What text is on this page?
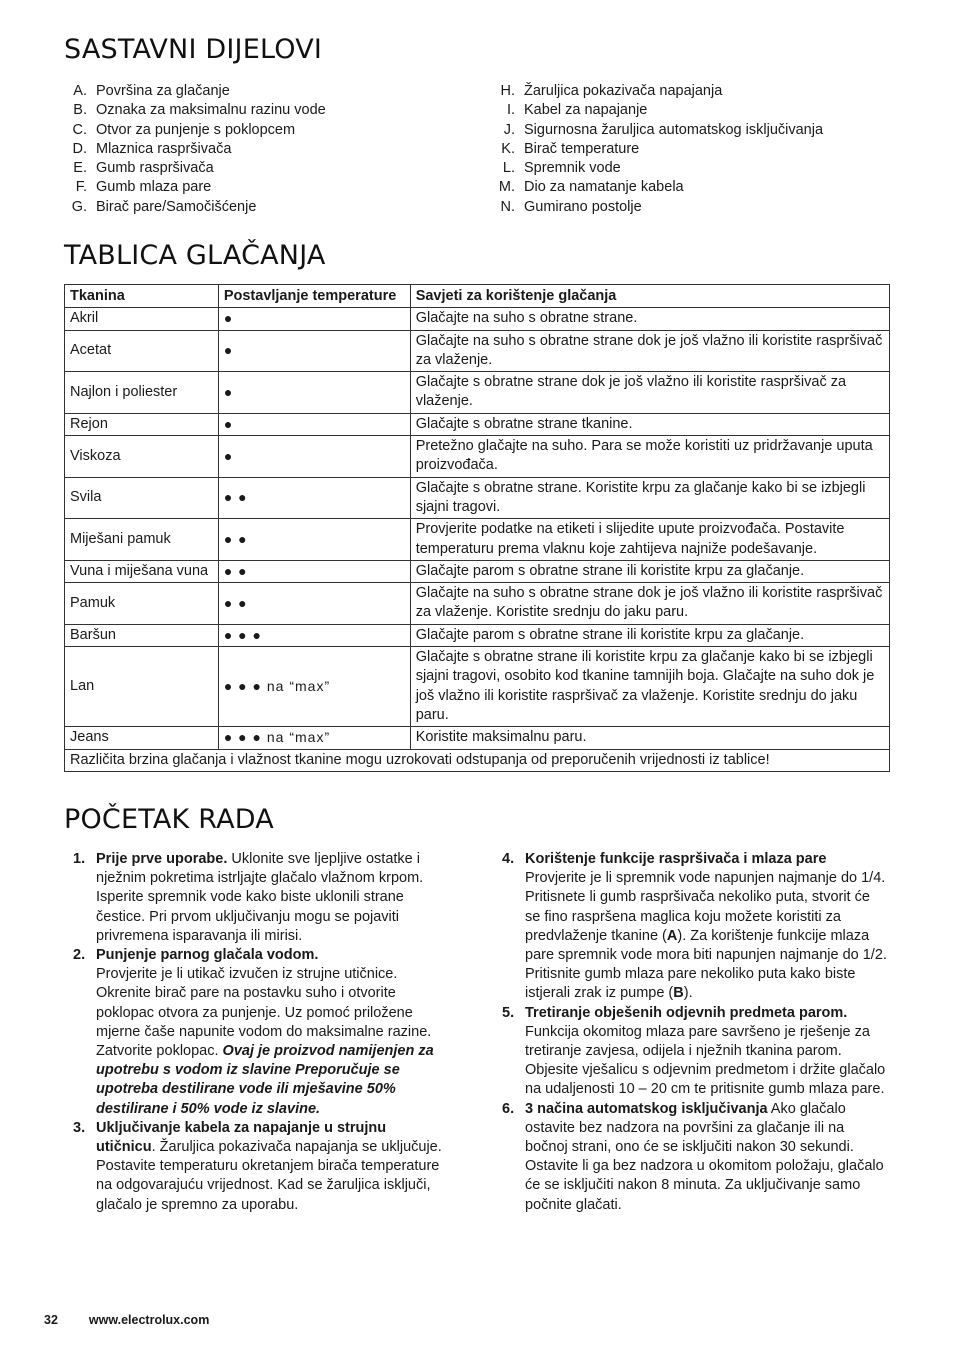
SASTAVNI DIJELOVI
A. Površina za glačanje
B. Oznaka za maksimalnu razinu vode
C. Otvor za punjenje s poklopcem
D. Mlaznica raspršivača
E. Gumb raspršivača
F. Gumb mlaza pare
G. Birač pare/Samočišćenje
H. Žaruljica pokazivača napajanja
I. Kabel za napajanje
J. Sigurnosna žaruljica automatskog isključivanja
K. Birač temperature
L. Spremnik vode
M. Dio za namatanje kabela
N. Gumirano postolje
TABLICA GLAČANJA
Tkanina	Postavljanje temperature	Savjeti za korištenje glačanja
Akril	●	Glačajte na suho s obratne strane.
Acetat	●	Glačajte na suho s obratne strane dok je još vlažno ili koristite raspršivač za vlaženje.
Najlon i poliester	●	Glačajte s obratne strane dok je još vlažno ili koristite raspršivač za vlaženje.
Rejon	●	Glačajte s obratne strane tkanine.
Viskoza	●	Pretežno glačajte na suho. Para se može koristiti uz pridržavanje uputa proizvođača.
Svila	● ●	Glačajte s obratne strane. Koristite krpu za glačanje kako bi se izbjegli sjajni tragovi.
Miješani pamuk	● ●	Provjerite podatke na etiketi i slijedite upute proizvođača. Postavite temperaturu prema vlaknu koje zahtijeva najniže podešavanje.
Vuna i miješana vuna	● ●	Glačajte parom s obratne strane ili koristite krpu za glačanje.
Pamuk	● ●	Glačajte na suho s obratne strane dok je još vlažno ili koristite raspršivač za vlaženje. Koristite srednju do jaku paru.
Baršun	● ● ●	Glačajte parom s obratne strane ili koristite krpu za glačanje.
Lan	● ● ● na “max”	Glačajte s obratne strane ili koristite krpu za glačanje kako bi se izbjegli sjajni tragovi, osobito kod tkanine tamnijih boja. Glačajte na suho dok je još vlažno ili koristite raspršivač za vlaženje. Koristite srednju do jaku paru.
Jeans	● ● ● na “max”	Koristite maksimalnu paru.
Različita brzina glačanja i vlažnost tkanine mogu uzrokovati odstupanja od preporučenih vrijednosti iz tablice!		
POČETAK RADA
1. Prije prve uporabe. Uklonite sve ljepljive ostatke i nježnim pokretima istrljajte glačalo vlažnom krpom. Isperite spremnik vode kako biste uklonili strane čestice. Pri prvom uključivanju mogu se pojaviti privremena isparavanja ili mirisi.
2. Punjenje parnog glačala vodom.
Provjerite je li utikač izvučen iz strujne utičnice. Okrenite birač pare na postavku suho i otvorite poklopac otvora za punjenje. Uz pomoć priložene mjerne čaše napunite vodom do maksimalne razine. Zatvorite poklopac. Ovaj je proizvod namijenjen za upotrebu s vodom iz slavine Preporučuje se upotreba destilirane vode ili mješavine 50% destilirane i 50% vode iz slavine.
3. Uključivanje kabela za napajanje u strujnu utičnicu. Žaruljica pokazivača napajanja se uključuje. Postavite temperaturu okretanjem birača temperature na odgovarajuću vrijednost. Kad se žaruljica isključi, glačalo je spremno za uporabu.
4. Korištenje funkcije raspršivača i mlaza pare
Provjerite je li spremnik vode napunjen najmanje do 1/4. Pritisnete li gumb raspršivača nekoliko puta, stvorit će se fino raspršena maglica koju možete koristiti za predvlaženje tkanine (A). Za korištenje funkcije mlaza pare spremnik vode mora biti napunjen najmanje do 1/2. Pritisnite gumb mlaza pare nekoliko puta kako biste istjerali zrak iz pumpe (B).
5. Tretiranje obješenih odjevnih predmeta parom.
Funkcija okomitog mlaza pare savršeno je rješenje za tretiranje zavjesa, odijela i nježnih tkanina parom. Objesite vješalicu s odjevnim predmetom i držite glačalo na udaljenosti 10 – 20 cm te pritisnite gumb mlaza pare.
6. 3 načina automatskog isključivanja Ako glačalo ostavite bez nadzora na površini za glačanje ili na bočnoj strani, ono će se isključiti nakon 30 sekundi. Ostavite li ga bez nadzora u okomitom položaju, glačalo će se isključiti nakon 8 minuta. Za uključivanje samo počnite glačati.
32 www.electrolux.com
